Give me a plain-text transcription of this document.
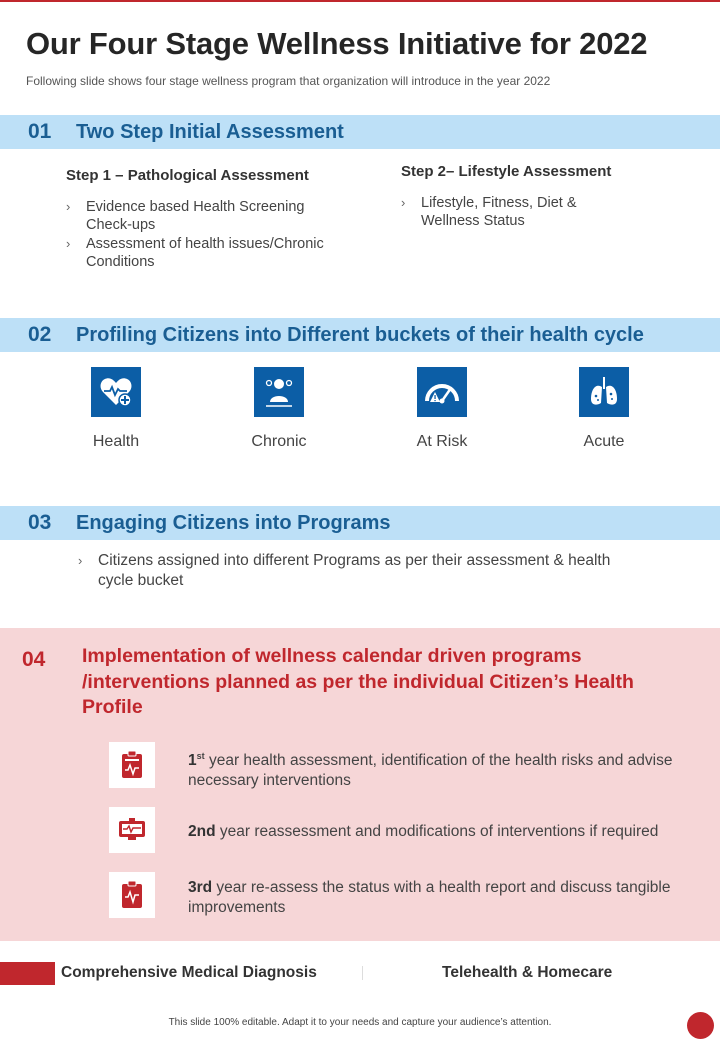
Our Four Stage Wellness Initiative for 2022

Following slide shows four stage wellness program that organization will introduce in the year 2022

01	Two Step Initial Assessment
Step 1 – Pathological Assessment
› Evidence based Health Screening Check-ups
› Assessment of health issues/Chronic Conditions
Step 2– Lifestyle Assessment
› Lifestyle, Fitness, Diet & Wellness Status
02	Profiling Citizens into Different buckets of their health cycle
Health	Chronic	At Risk	Acute
03	Engaging Citizens into Programs
› Citizens assigned into different Programs as per their assessment & health cycle bucket
04 Implementation of wellness calendar driven programs /interventions planned as per the individual Citizen’s Health Profile
1st year health assessment, identification of the health risks and advise necessary interventions
2nd year reassessment and modifications of interventions if required
3rd year re-assess the status with a health report and discuss tangible improvements
Comprehensive Medical Diagnosis	Telehealth & Homecare
This slide 100% editable. Adapt it to your needs and capture your audience’s attention.
